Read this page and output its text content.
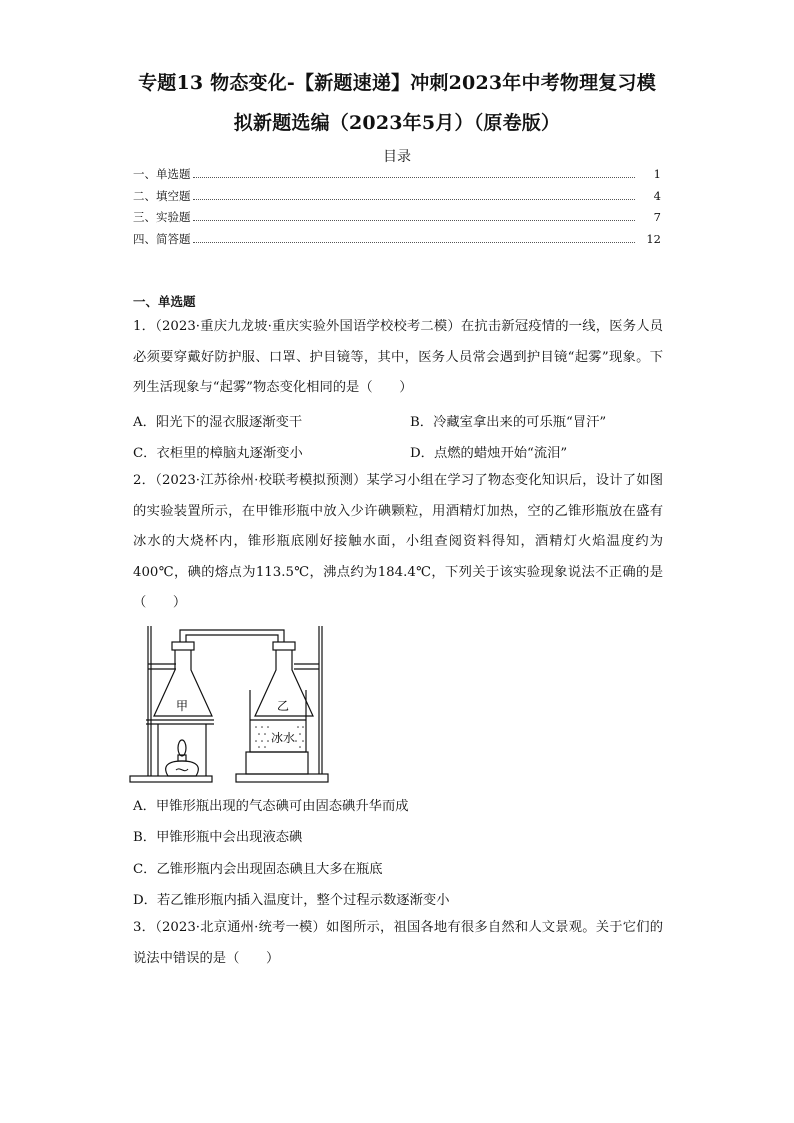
专题13 物态变化-【新题速递】冲刺2023年中考物理复习模
拟新题选编（2023年5月）（原卷版）
目录
一、单选题	1
二、填空题	4
三、实验题	7
四、简答题	12
一、单选题
1．（2023·重庆九龙坡·重庆实验外国语学校校考二模）在抗击新冠疫情的一线，医务人员必须要穿戴好防护服、口罩、护目镜等，其中，医务人员常会遇到护目镜“起雾”现象。下列生活现象与“起雾”物态变化相同的是（　　）
A．阳光下的湿衣服逐渐变干	B．冷藏室拿出来的可乐瓶“冒汗”
C．衣柜里的樟脑丸逐渐变小	D．点燃的蜡烛开始“流泪”
2．（2023·江苏徐州·校联考模拟预测）某学习小组在学习了物态变化知识后，设计了如图的实验装置所示，在甲锥形瓶中放入少许碘颗粒，用酒精灯加热，空的乙锥形瓶放在盛有冰水的大烧杯内，锥形瓶底刚好接触水面，小组查阅资料得知，酒精灯火焰温度约为400℃，碘的熔点为113.5℃，沸点约为184.4℃，下列关于该实验现象说法不正确的是（　　）
甲	乙
冰水
A．甲锥形瓶出现的气态碘可由固态碘升华而成
B．甲锥形瓶中会出现液态碘
C．乙锥形瓶内会出现固态碘且大多在瓶底
D．若乙锥形瓶内插入温度计，整个过程示数逐渐变小
3．（2023·北京通州·统考一模）如图所示，祖国各地有很多自然和人文景观。关于它们的说法中错误的是（　　）
